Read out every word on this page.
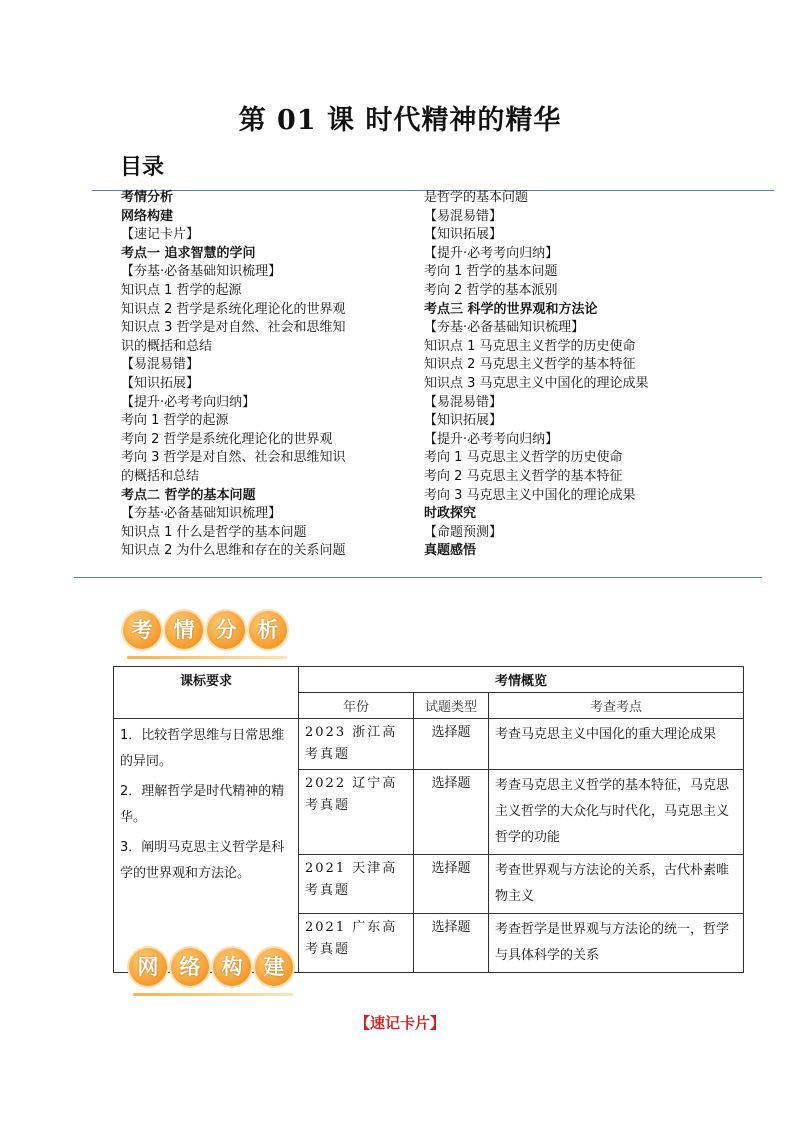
第 01 课 时代精神的精华
目录
考情分析
网络构建
【速记卡片】
考点一 追求智慧的学问
【夯基·必备基础知识梳理】
知识点 1 哲学的起源
知识点 2 哲学是系统化理论化的世界观
知识点 3 哲学是对自然、社会和思维知
识的概括和总结
【易混易错】
【知识拓展】
【提升·必考考向归纳】
考向 1 哲学的起源
考向 2 哲学是系统化理论化的世界观
考向 3 哲学是对自然、社会和思维知识
的概括和总结
考点二 哲学的基本问题
【夯基·必备基础知识梳理】
知识点 1 什么是哲学的基本问题
知识点 2 为什么思维和存在的关系问题
是哲学的基本问题
【易混易错】
【知识拓展】
【提升·必考考向归纳】
考向 1 哲学的基本问题
考向 2 哲学的基本派别
考点三 科学的世界观和方法论
【夯基·必备基础知识梳理】
知识点 1 马克思主义哲学的历史使命
知识点 2 马克思主义哲学的基本特征
知识点 3 马克思主义中国化的理论成果
【易混易错】
【知识拓展】
【提升·必考考向归纳】
考向 1 马克思主义哲学的历史使命
考向 2 马克思主义哲学的基本特征
考向 3 马克思主义中国化的理论成果
时政探究
【命题预测】
真题感悟
考	情	分	析
课标要求	考情概览		
	年份	试题类型	考查考点

1．比较哲学思维与日常思维的异同。
2．理解哲学是时代精神的精华。
3．阐明马克思主义哲学是科学的世界观和方法论。	2023 浙江高考真题	选择题	考查马克思主义中国化的重大理论成果
	2022 辽宁高考真题	选择题	考查马克思主义哲学的基本特征，马克思主义哲学的大众化与时代化，马克思主义哲学的功能
	2021 天津高考真题	选择题	考查世界观与方法论的关系，古代朴素唯物主义
	2021 广东高考真题	选择题	考查哲学是世界观与方法论的统一，哲学与具体科学的关系
网	络	构	建
【速记卡片】
